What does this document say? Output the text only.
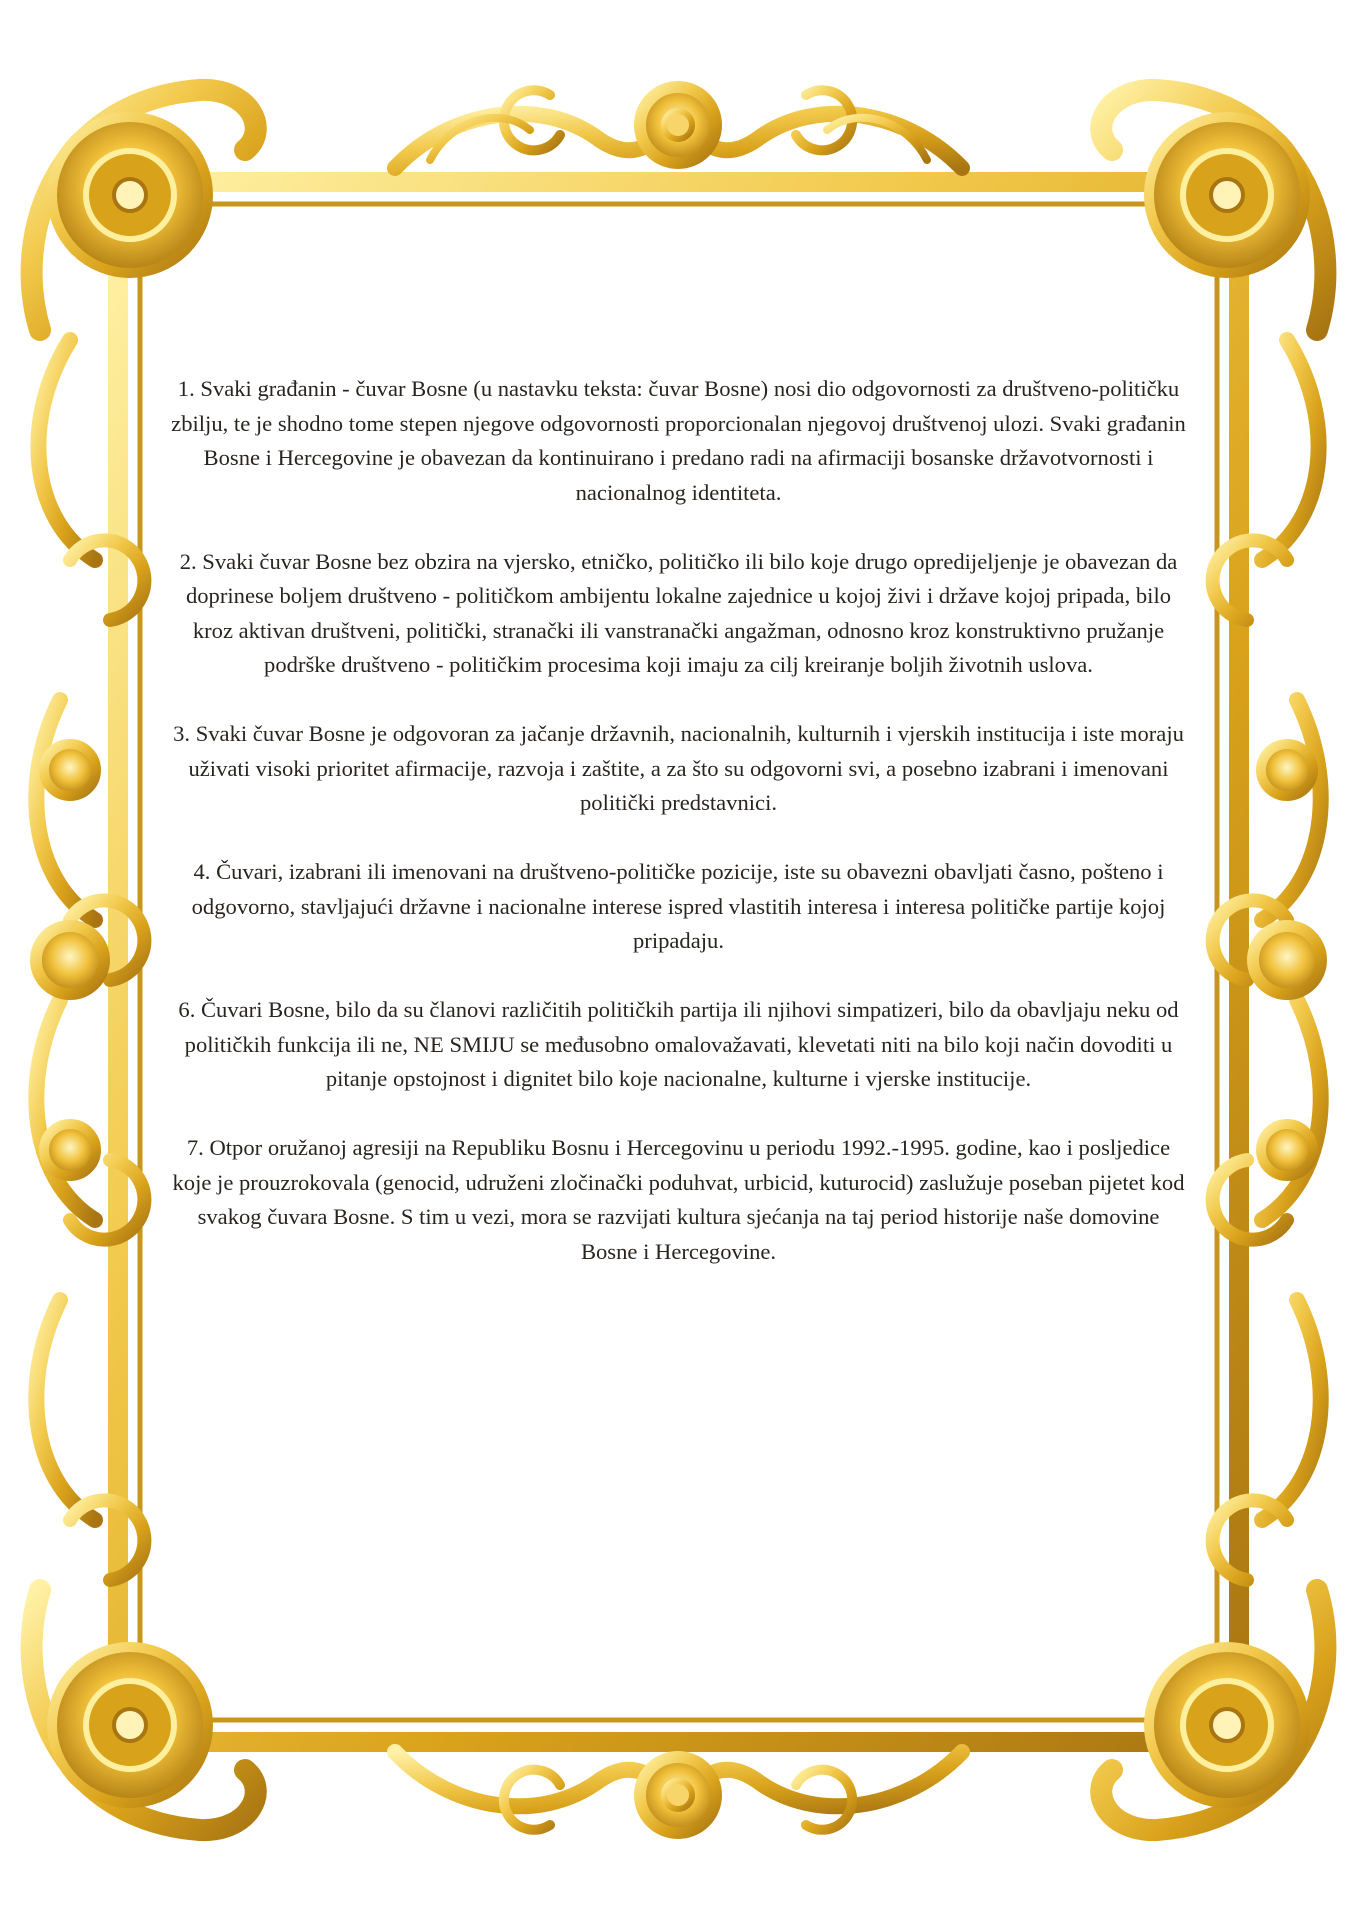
1. Svaki građanin - čuvar Bosne (u nastavku teksta: čuvar Bosne) nosi dio odgovornosti za društveno-političku zbilju, te je shodno tome stepen njegove odgovornosti proporcionalan njegovoj društvenoj ulozi. Svaki građanin Bosne i Hercegovine je obavezan da kontinuirano i predano radi na afirmaciji bosanske državotvornosti i nacionalnog identiteta.

2. Svaki čuvar Bosne bez obzira na vjersko, etničko, političko ili bilo koje drugo opredijeljenje je obavezan da doprinese boljem društveno - političkom ambijentu lokalne zajednice u kojoj živi i države kojoj pripada, bilo kroz aktivan društveni, politički, stranački ili vanstranački angažman, odnosno kroz konstruktivno pružanje podrške društveno - političkim procesima koji imaju za cilj kreiranje boljih životnih uslova.

3. Svaki čuvar Bosne je odgovoran za jačanje državnih, nacionalnih, kulturnih i vjerskih institucija i iste moraju uživati visoki prioritet afirmacije, razvoja i zaštite, a za što su odgovorni svi, a posebno izabrani i imenovani politički predstavnici.

4. Čuvari, izabrani ili imenovani na društveno-političke pozicije, iste su obavezni obavljati časno, pošteno i odgovorno, stavljajući državne i nacionalne interese ispred vlastitih interesa i interesa političke partije kojoj pripadaju.

6. Čuvari Bosne, bilo da su članovi različitih političkih partija ili njihovi simpatizeri, bilo da obavljaju neku od političkih funkcija ili ne, NE SMIJU se međusobno omalovažavati, klevetati niti na bilo koji način dovoditi u pitanje opstojnost i dignitet bilo koje nacionalne, kulturne i vjerske institucije.

7. Otpor oružanoj agresiji na Republiku Bosnu i Hercegovinu u periodu 1992.-1995. godine, kao i posljedice koje je prouzrokovala (genocid, udruženi zločinački poduhvat, urbicid, kuturocid) zaslužuje poseban pijetet kod svakog čuvara Bosne. S tim u vezi, mora se razvijati kultura sjećanja na taj period historije naše domovine Bosne i Hercegovine.
